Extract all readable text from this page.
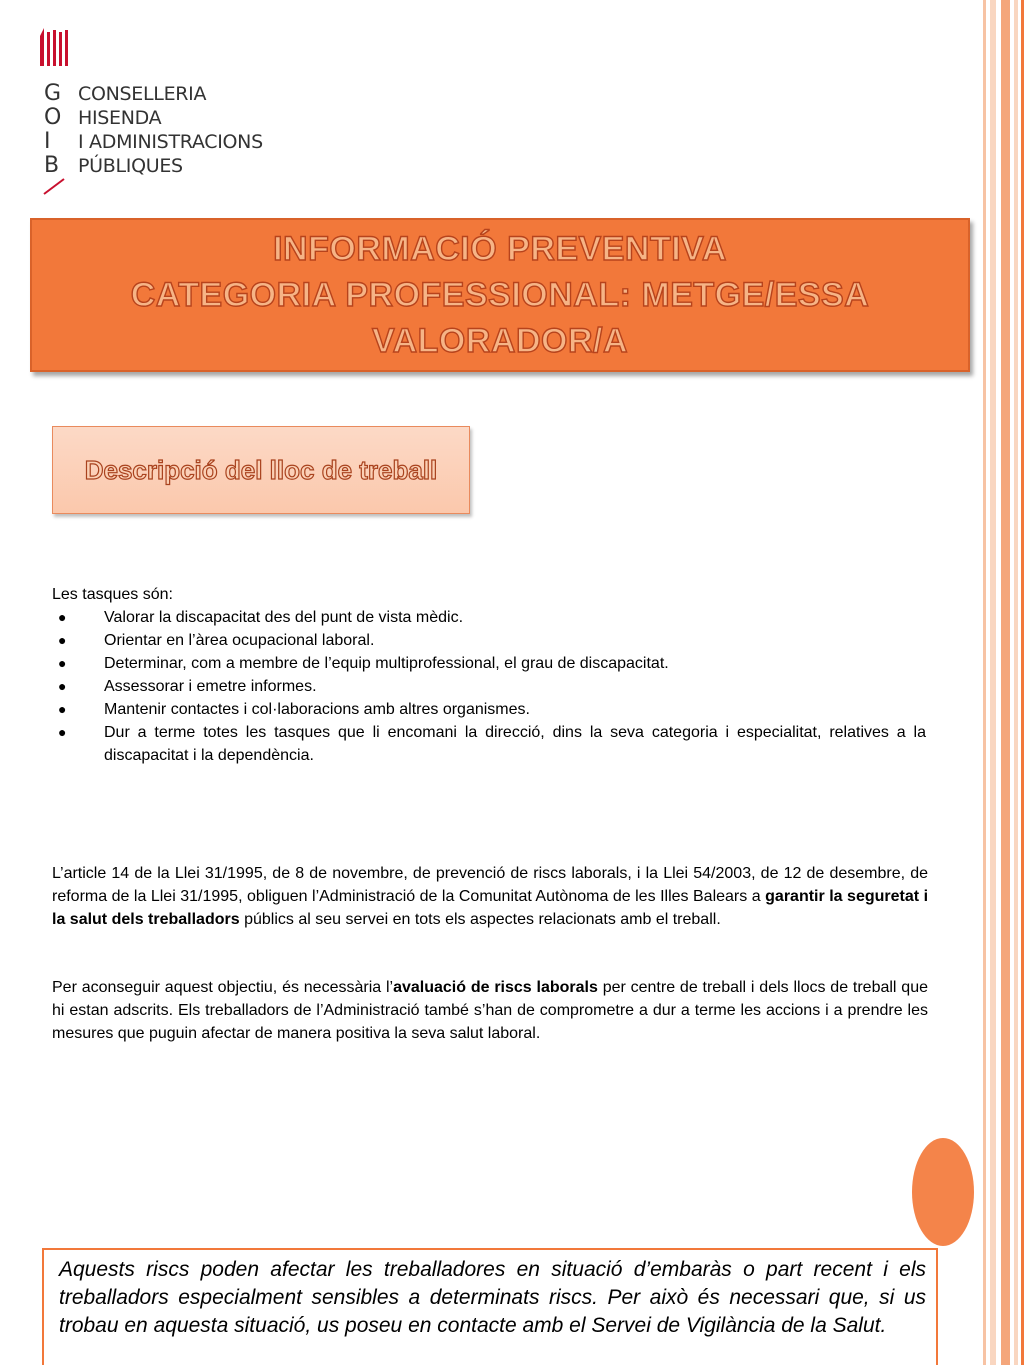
G
O
I
B
CONSELLERIA
HISENDA
I ADMINISTRACIONS
PÚBLIQUES
INFORMACIÓ PREVENTIVA
CATEGORIA PROFESSIONAL: METGE/ESSA
VALORADOR/A
Descripció del lloc de treball
Les tasques són:
● Valorar la discapacitat des del punt de vista mèdic.
● Orientar en l’àrea ocupacional laboral.
● Determinar, com a membre de l’equip multiprofessional, el grau de discapacitat.
● Assessorar i emetre informes.
● Mantenir contactes i col·laboracions amb altres organismes.
● Dur a terme totes les tasques que li encomani la direcció, dins la seva categoria i especialitat, relatives a la discapacitat i la dependència.

L’article 14 de la Llei 31/1995, de 8 de novembre, de prevenció de riscs laborals, i la Llei 54/2003, de 12 de desembre, de reforma de la Llei 31/1995, obliguen l’Administració de la Comunitat Autònoma de les Illes Balears a garantir la seguretat i la salut dels treballadors públics al seu servei en tots els aspectes relacionats amb el treball.

Per aconseguir aquest objectiu, és necessària l’avaluació de riscs laborals per centre de treball i dels llocs de treball que hi estan adscrits. Els treballadors de l’Administració també s’han de comprometre a dur a terme les accions i a prendre les mesures que puguin afectar de manera positiva la seva salut laboral.

Aquests riscs poden afectar les treballadores en situació d’embaràs o part recent i els treballadors especialment sensibles a determinats riscs. Per això és necessari que, si us trobau en aquesta situació, us poseu en contacte amb el Servei de Vigilància de la Salut.
